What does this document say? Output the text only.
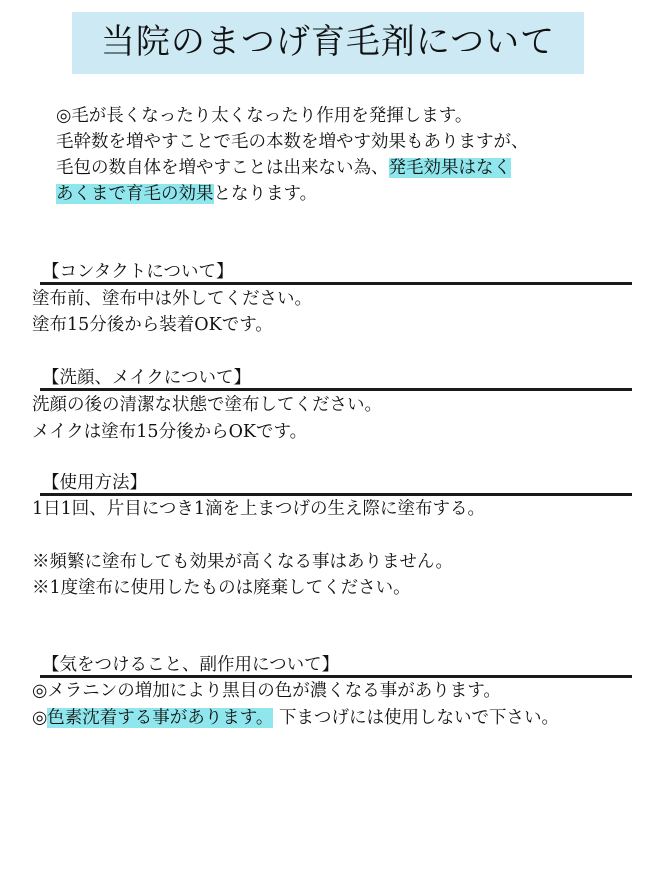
当院のまつげ育毛剤について
◎毛が長くなったり太くなったり作用を発揮します。
毛幹数を増やすことで毛の本数を増やす効果もありますが、
毛包の数自体を増やすことは出来ない為、発毛効果はなく
あくまで育毛の効果となります。
【コンタクトについて】
塗布前、塗布中は外してください。
塗布15分後から装着OKです。
【洗顔、メイクについて】
洗顔の後の清潔な状態で塗布してください。
メイクは塗布15分後からOKです。
【使用方法】
1日1回、片目につき1滴を上まつげの生え際に塗布する。
※頻繁に塗布しても効果が高くなる事はありません。
※1度塗布に使用したものは廃棄してください。
【気をつけること、副作用について】
◎メラニンの増加により黒目の色が濃くなる事があります。
◎色素沈着する事があります。 下まつげには使用しないで下さい。
